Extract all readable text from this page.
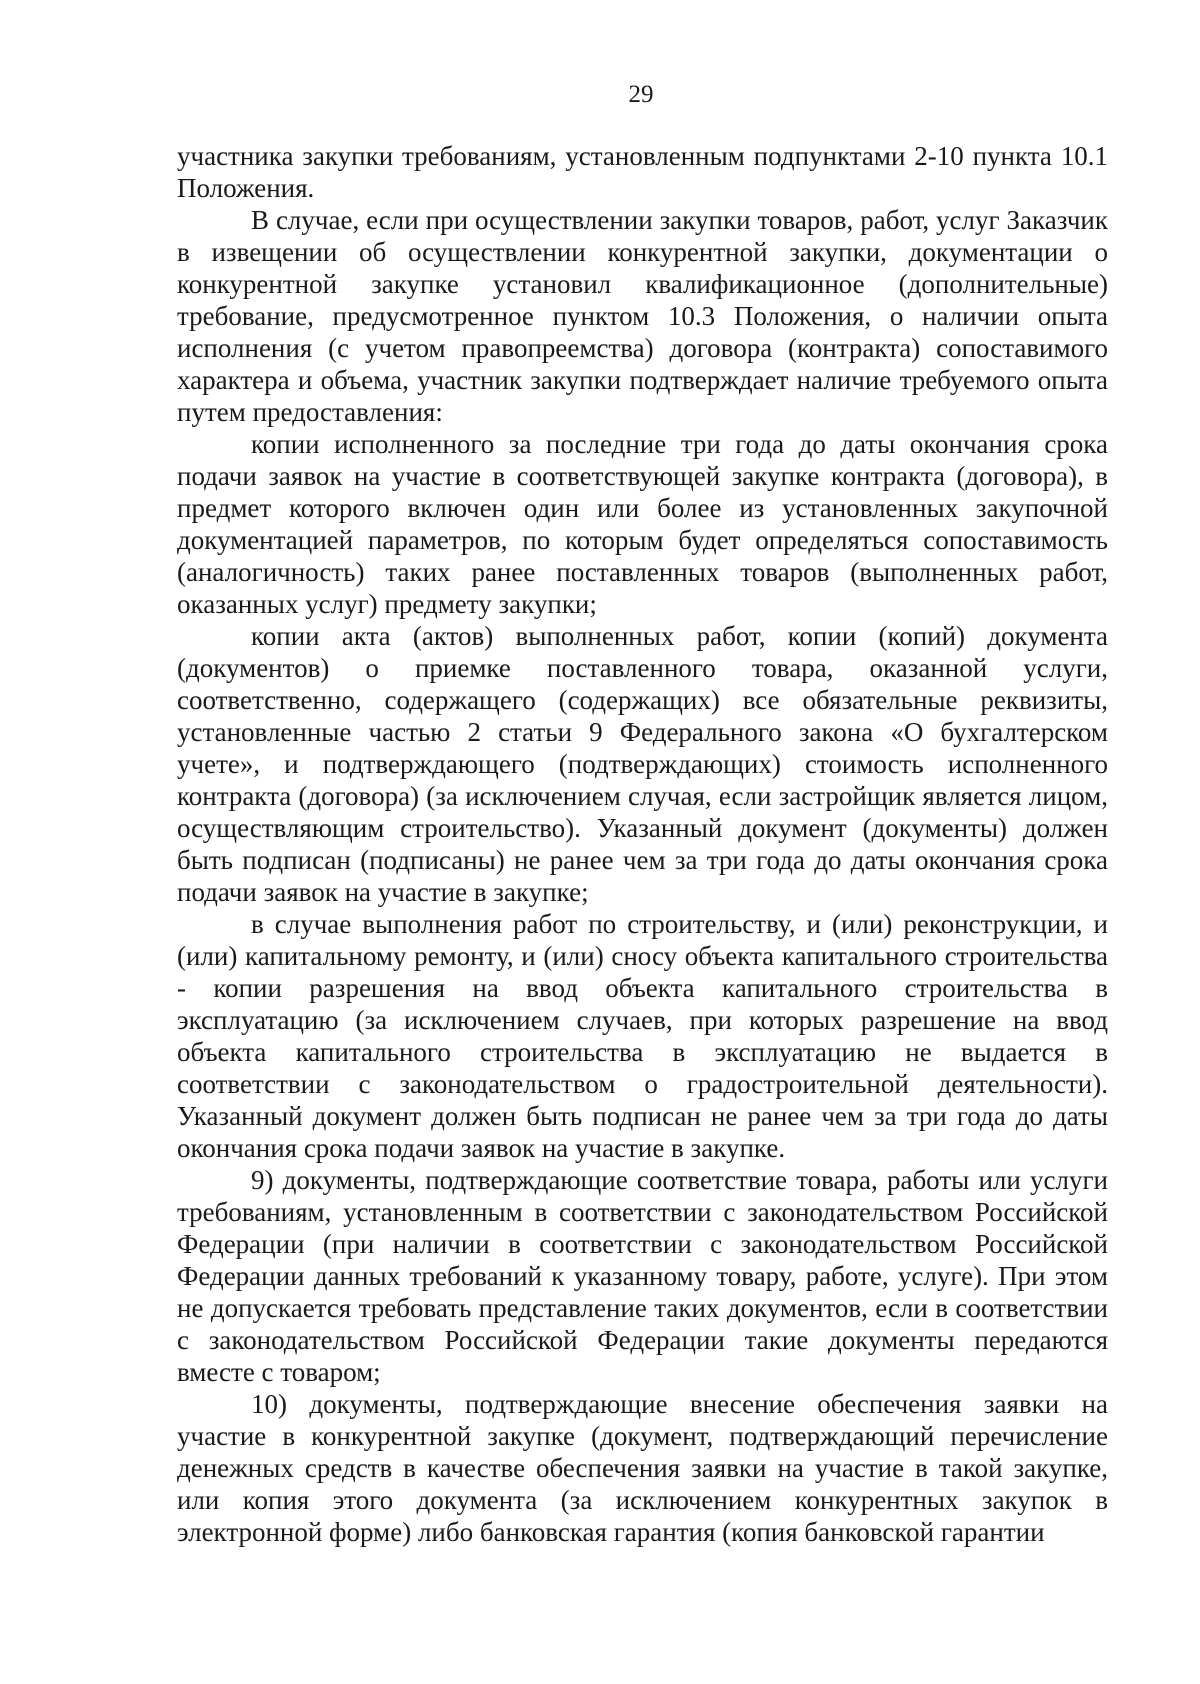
29

участника закупки требованиям, установленным подпунктами 2-10 пункта 10.1 Положения.

В случае, если при осуществлении закупки товаров, работ, услуг Заказчик в извещении об осуществлении конкурентной закупки, документации о конкурентной закупке установил квалификационное (дополнительные) требование, предусмотренное пунктом 10.3 Положения, о наличии опыта исполнения (с учетом правопреемства) договора (контракта) сопоставимого характера и объема, участник закупки подтверждает наличие требуемого опыта путем предоставления:

копии исполненного за последние три года до даты окончания срока подачи заявок на участие в соответствующей закупке контракта (договора), в предмет которого включен один или более из установленных закупочной документацией параметров, по которым будет определяться сопоставимость (аналогичность) таких ранее поставленных товаров (выполненных работ, оказанных услуг) предмету закупки;

копии акта (актов) выполненных работ, копии (копий) документа (документов) о приемке поставленного товара, оказанной услуги, соответственно, содержащего (содержащих) все обязательные реквизиты, установленные частью 2 статьи 9 Федерального закона «О бухгалтерском учете», и подтверждающего (подтверждающих) стоимость исполненного контракта (договора) (за исключением случая, если застройщик является лицом, осуществляющим строительство). Указанный документ (документы) должен быть подписан (подписаны) не ранее чем за три года до даты окончания срока подачи заявок на участие в закупке;

в случае выполнения работ по строительству, и (или) реконструкции, и (или) капитальному ремонту, и (или) сносу объекта капитального строительства - копии разрешения на ввод объекта капитального строительства в эксплуатацию (за исключением случаев, при которых разрешение на ввод объекта капитального строительства в эксплуатацию не выдается в соответствии с законодательством о градостроительной деятельности). Указанный документ должен быть подписан не ранее чем за три года до даты окончания срока подачи заявок на участие в закупке.

9) документы, подтверждающие соответствие товара, работы или услуги требованиям, установленным в соответствии с законодательством Российской Федерации (при наличии в соответствии с законодательством Российской Федерации данных требований к указанному товару, работе, услуге). При этом не допускается требовать представление таких документов, если в соответствии с законодательством Российской Федерации такие документы передаются вместе с товаром;

10) документы, подтверждающие внесение обеспечения заявки на участие в конкурентной закупке (документ, подтверждающий перечисление денежных средств в качестве обеспечения заявки на участие в такой закупке, или копия этого документа (за исключением конкурентных закупок в электронной форме) либо банковская гарантия (копия банковской гарантии
